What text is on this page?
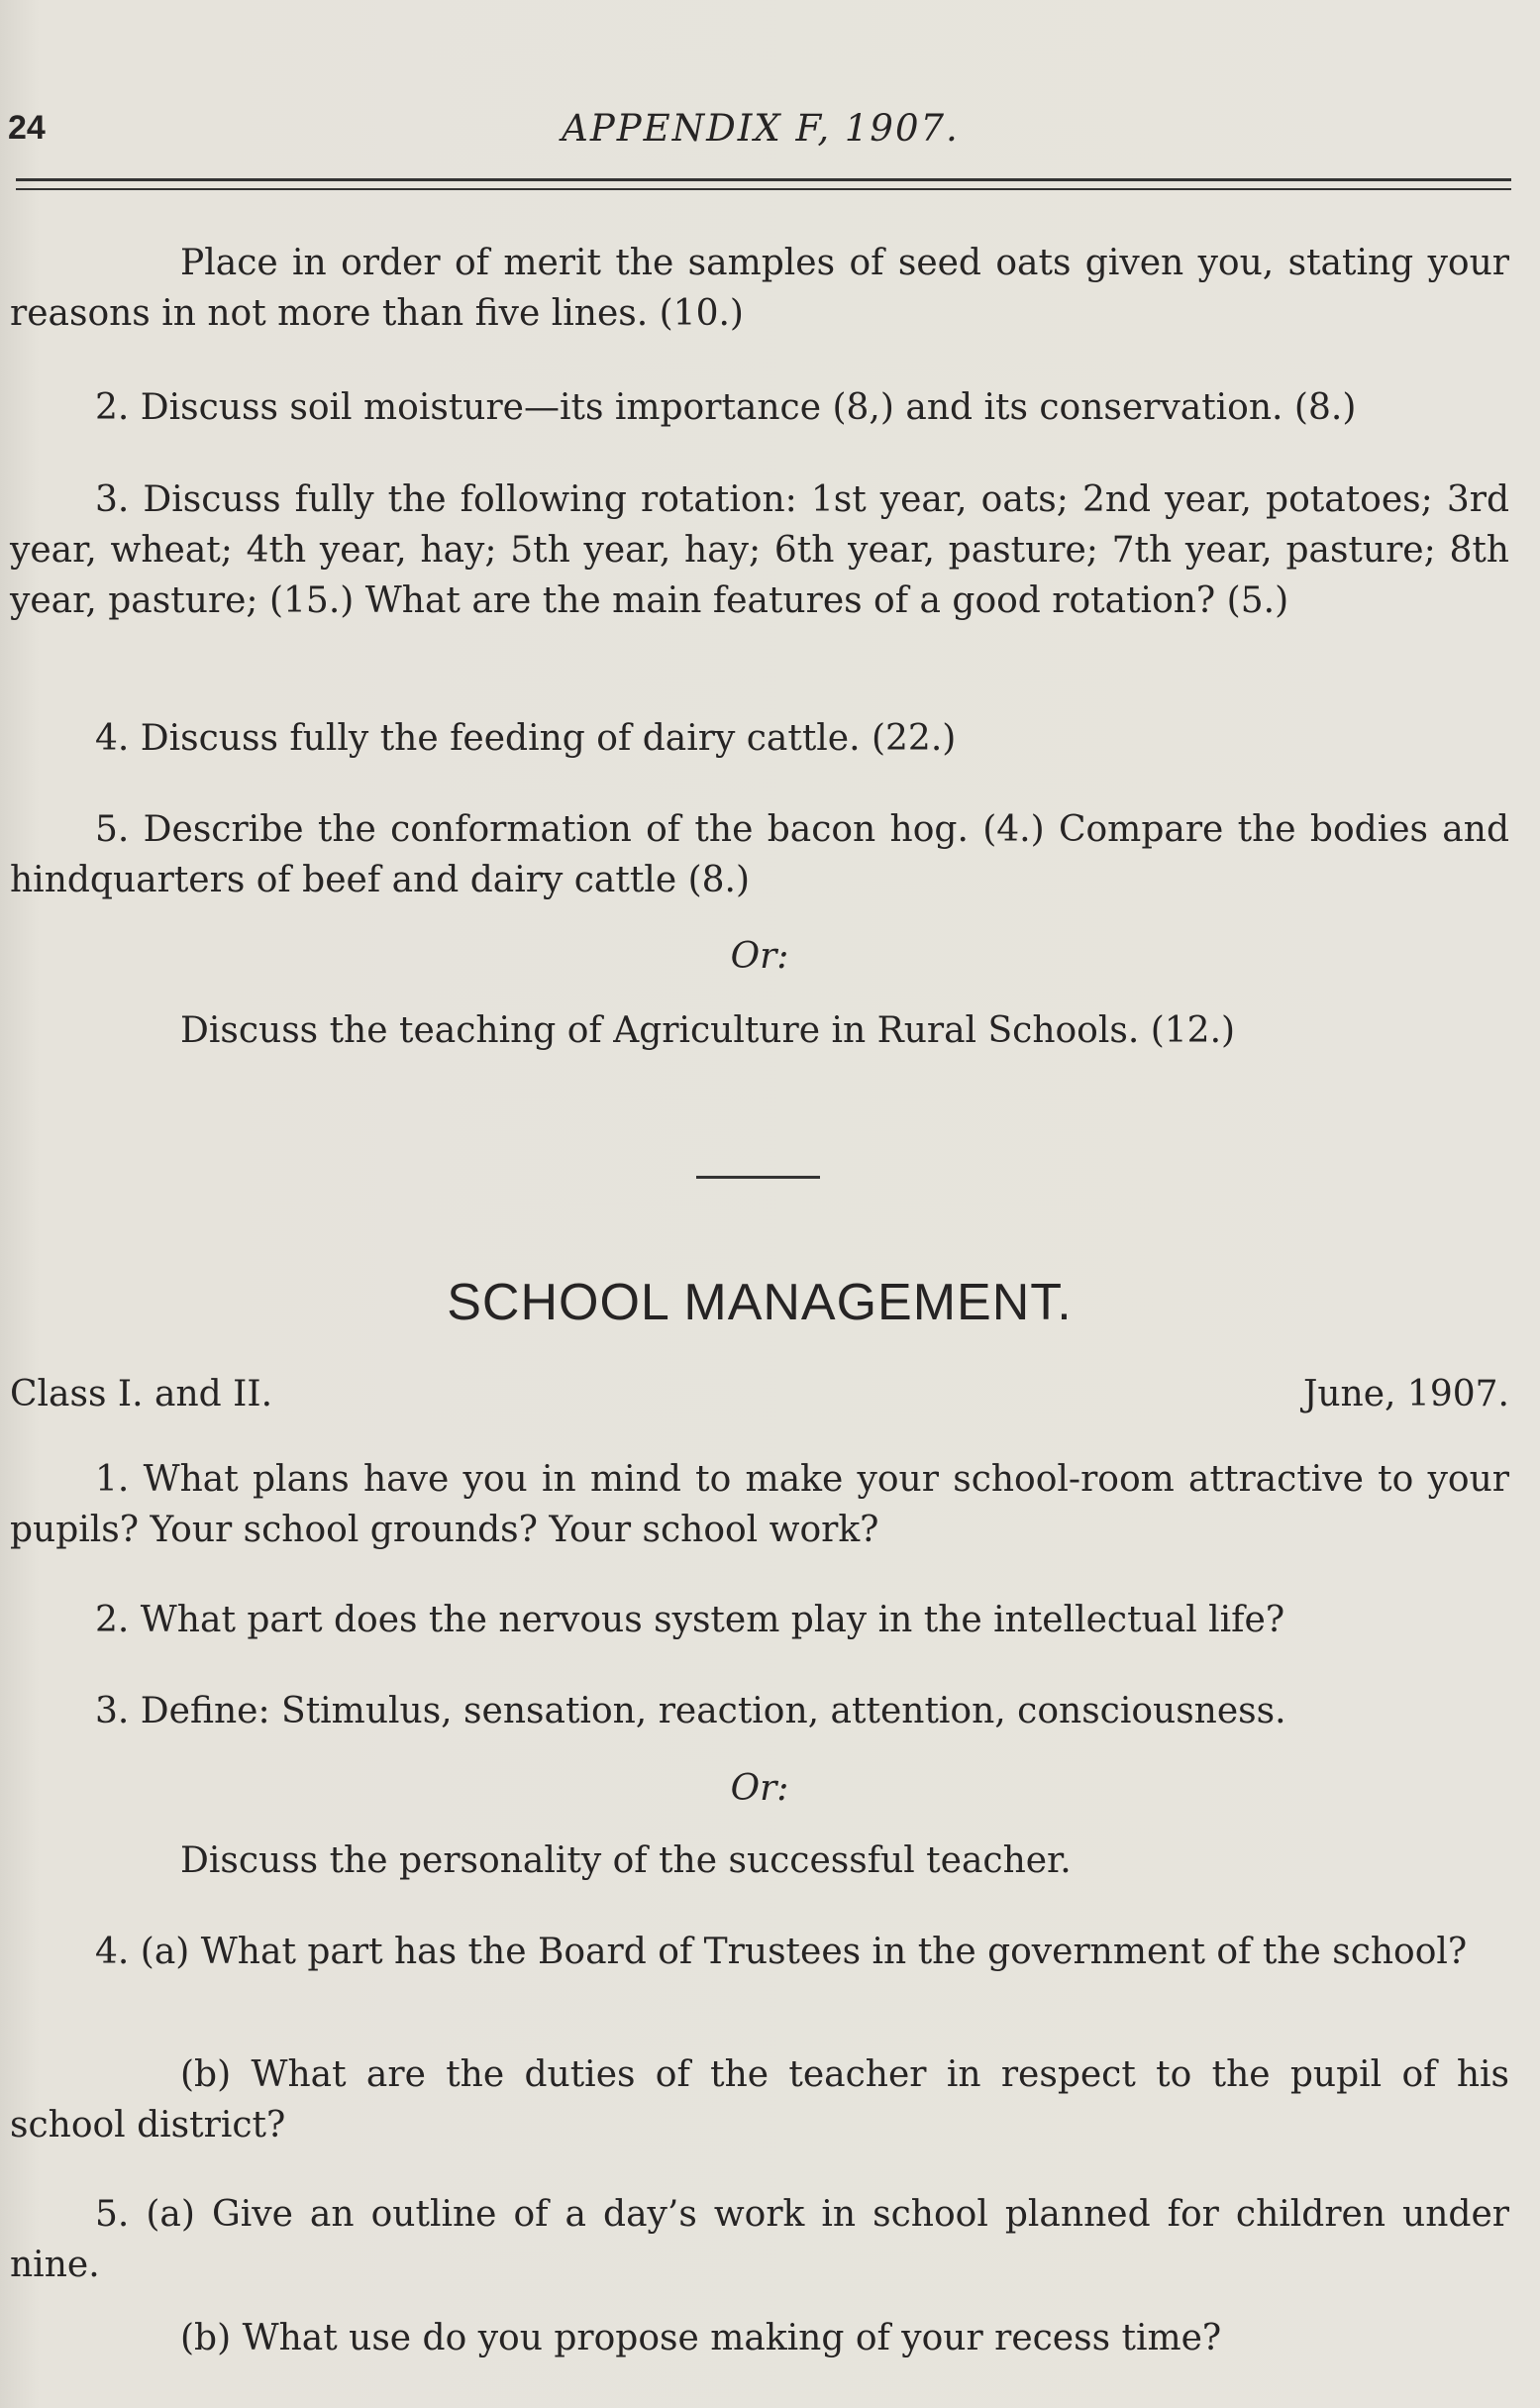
24	APPENDIX F, 1907.
Place in order of merit the samples of seed oats given you, stating your reasons in not more than five lines. (10.)
2. Discuss soil moisture—its importance (8,) and its conservation. (8.)
3. Discuss fully the following rotation: 1st year, oats; 2nd year, potatoes; 3rd year, wheat; 4th year, hay; 5th year, hay; 6th year, pasture; 7th year, pasture; 8th year, pasture; (15.) What are the main features of a good rotation? (5.)
4. Discuss fully the feeding of dairy cattle. (22.)
5. Describe the conformation of the bacon hog. (4.) Compare the bodies and hindquarters of beef and dairy cattle (8.)
Or:
Discuss the teaching of Agriculture in Rural Schools. (12.)
SCHOOL MANAGEMENT.
Class I. and II.	June, 1907.
1. What plans have you in mind to make your school-room attractive to your pupils? Your school grounds? Your school work?
2. What part does the nervous system play in the intellectual life?
3. Define: Stimulus, sensation, reaction, attention, consciousness.
Or:
Discuss the personality of the successful teacher.
4. (a) What part has the Board of Trustees in the government of the school?
(b) What are the duties of the teacher in respect to the pupil of his school district?
5. (a) Give an outline of a day’s work in school planned for children under nine.
(b) What use do you propose making of your recess time?
